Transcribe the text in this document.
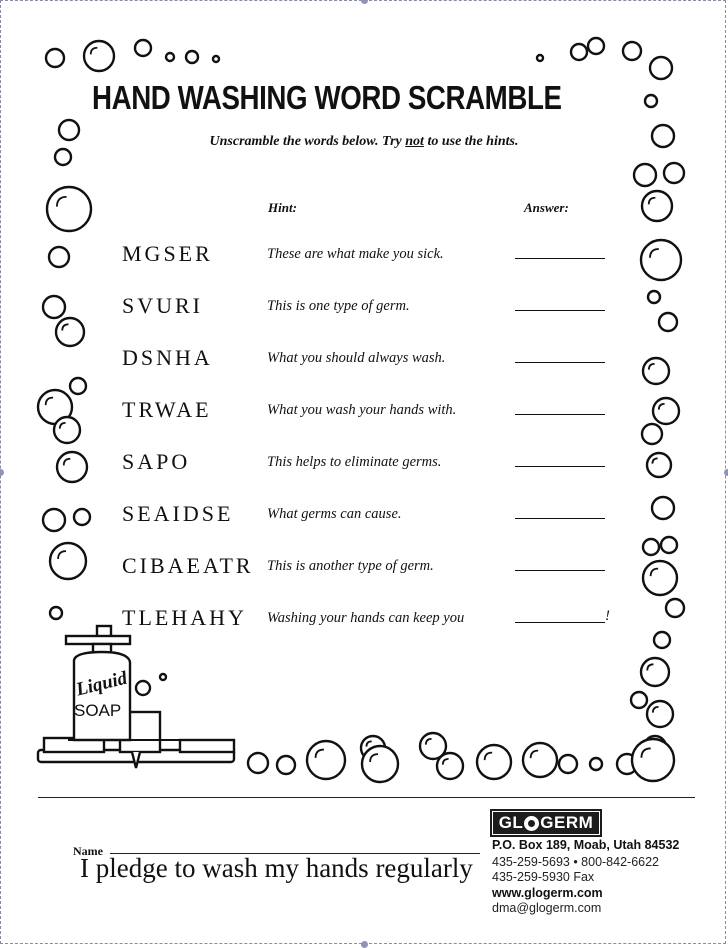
Liquid
SOAP
HAND WASHING WORD SCRAMBLE
Unscramble the words below. Try not to use the hints.
Hint:	Answer:
MGSER	These are what make you sick.
SVURI	This is one type of germ.
DSNHA	What you should always wash.
TRWAE	What you wash your hands with.
SAPO	This helps to eliminate germs.
SEAIDSE What germs can cause.
CIBAEATR This is another type of germ.
TLEHAHY Washing your hands can keep you	!
Name
I pledge to wash my hands regularly
GL GERM
P.O. Box 189, Moab, Utah 84532
435-259-5693 • 800-842-6622
435-259-5930 Fax
www.glogerm.com
dma@glogerm.com
